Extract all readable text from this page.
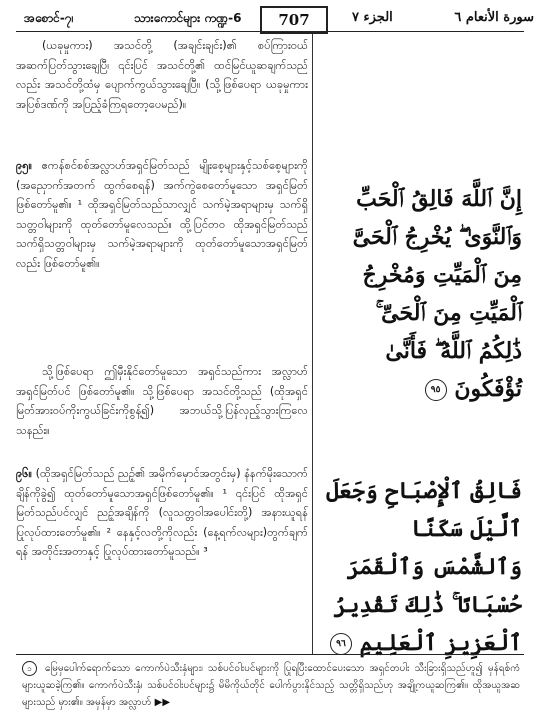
အစောင်-၇၊	သားကောင်များ ကဏ္ဍ-6	707	الجزء ٧	سورة الأنعام ٦

(ယခုမှုကား) အသင်တို့ (အချင်းချင်း)၏ စပ်ကြားဝယ် အဆက်ပြတ်သွားချေပြီ၊ ၎င်းပြင် အသင်တို့၏ ထင်မြင်ယူဆချက်သည်လည်း အသင်တို့ထံမှ ပျောက်ကွယ်သွားချေပြီ။ (သို့ဖြစ်ပေရာ ယခုမှုကား အပြစ်ဒဏ်ကို အပြည့်ခံကြရတော့ပေမည်)။

၉၅။ ဧကန်စင်စစ်အလ္လာဟ်အရှင်မြတ်သည် မျိုးစေ့များနှင့်သစ်စေ့များကို (အညှောက်အတက် ထွက်စေရန်) အက်ကွဲစေတော်မူသော အရှင်မြတ် ဖြစ်တော်မူ၏။ ¹ ထိုအရှင်မြတ်သည်သာလျှင် သက်မဲ့အရာများမှ သက်ရှိသတ္တဝါများကို ထုတ်တော်မူလေသည်။ ထို့ပြင်တဝ ထိုအရှင်မြတ်သည် သက်ရှိသတ္တဝါများမှ သက်မဲ့အရာများကို ထုတ်တော်မူသောအရှင်မြတ်လည်း ဖြစ်တော်မူ၏။

သို့ဖြစ်ပေရာ ဤမှီးနိုင်တော်မူသော အရှင်သည်ကား အလ္လာဟ်အရှင်မြတ်ပင် ဖြစ်တော်မူ၏။ သို့ဖြစ်ပေရာ အသင်တို့သည် (ထိုအရှင်မြတ်အားဝပ်ကိုးကွယ်ခြင်းကိုစွန့်၍) အဘယ်သို့ပြန်လှည့်သွားကြလေသနည်း။

၉၆။ (ထိုအရှင်မြတ်သည် ညဥ့်၏ အမိုက်မှောင်အတွင်းမှ) နံနက်မိုးသောက်ချိန်ကိုခွဲ၍ ထုတ်တော်မူသောအရှင်ဖြစ်တော်မူ၏။ ¹ ၎င်းပြင် ထိုအရှင်မြတ်သည်ပင်လျှင် ညဥ့်အချိန်ကို (လူသတ္တဝါအပေါင်းတို့) အနားယူရန် ပြုလုပ်ထားတော်မူ၏။ ² နေနှင့်လတို့ကိုလည်း (နေ့ရက်လများ)တွက်ချက်ရန် အတိုင်းအတာနှင့် ပြုလုပ်ထားတော်မူသည်။ ³

إِنَّ ٱللَّهَ فَالِقُ ٱلْحَبِّ وَٱلنَّوَىٰ ۖ يُخْرِجُ ٱلْحَىَّ مِنَ ٱلْمَيِّتِ وَمُخْرِجُ ٱلْمَيِّتِ مِنَ ٱلْحَىِّ ۚ ذَٰلِكُمُ ٱللَّهُ ۖ فَأَنَّىٰ تُؤْفَكُونَ ٩٥
فَالِقُ ٱلْإِصْبَاحِ وَجَعَلَ ٱلَّيْلَ سَكَنًا وَٱلشَّمْسَ وَٱلْقَمَرَ حُسْبَانًا ۚ ذَٰلِكَ تَقْدِيرُ ٱلْعَزِيزِ ٱلْعَلِيمِ ٩٦
၁ မြေမှပေါက်ရောက်သော ကောက်ပဲသီးနှံများ၊ သစ်ပင်ဝါးပင်များကို ပြုရပြီးထောင်ပေးသော အရှင်တပါး သီးခြားရှိသည်ဟူ၍ မှန်ရစ်ကံများယူဆခဲ့ကြ၏။ ကောက်ပဲသီးနှံ၊ သစ်ပင်ဝါးပင်များ၌ မိမိကိုယ်တိုင် ပေါက်ပွားနိုင်သည့် သတ္တိရှိသည်ဟု အချို့ကယူဆကြ၏။ ထိုအယူအဆများသည် မှား၏။ အမှန်မှာ အလ္လာဟ် ▶▶
